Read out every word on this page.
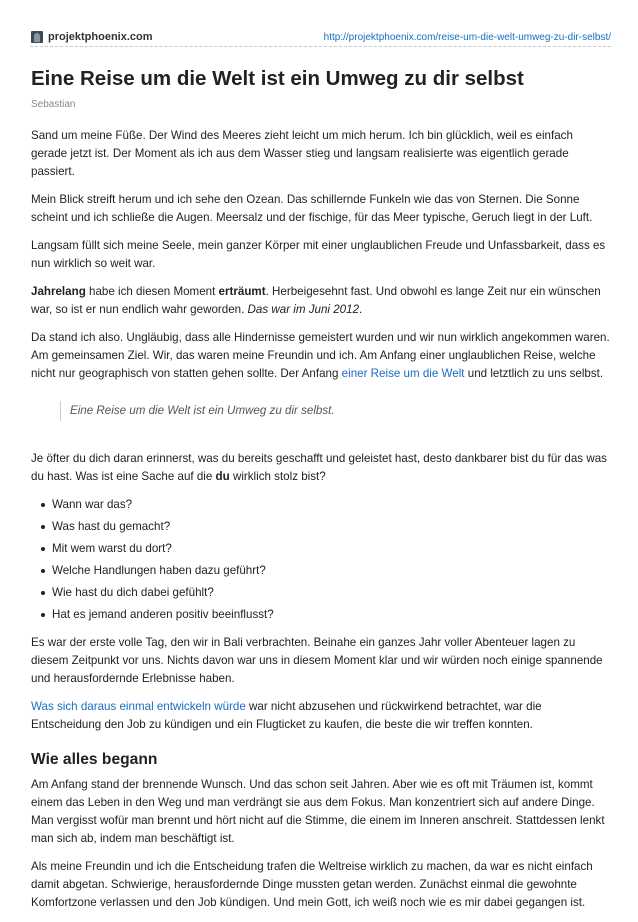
projektphoenix.com	http://projektphoenix.com/reise-um-die-welt-umweg-zu-dir-selbst/
Eine Reise um die Welt ist ein Umweg zu dir selbst
Sebastian

Sand um meine Füße. Der Wind des Meeres zieht leicht um mich herum. Ich bin glücklich, weil es einfach gerade jetzt ist. Der Moment als ich aus dem Wasser stieg und langsam realisierte was eigentlich gerade passiert.

Mein Blick streift herum und ich sehe den Ozean. Das schillernde Funkeln wie das von Sternen. Die Sonne scheint und ich schließe die Augen. Meersalz und der fischige, für das Meer typische, Geruch liegt in der Luft.

Langsam füllt sich meine Seele, mein ganzer Körper mit einer unglaublichen Freude und Unfassbarkeit, dass es nun wirklich so weit war.

Jahrelang habe ich diesen Moment erträumt. Herbeigesehnt fast. Und obwohl es lange Zeit nur ein wünschen war, so ist er nun endlich wahr geworden. Das war im Juni 2012.

Da stand ich also. Ungläubig, dass alle Hindernisse gemeistert wurden und wir nun wirklich angekommen waren. Am gemeinsamen Ziel. Wir, das waren meine Freundin und ich. Am Anfang einer unglaublichen Reise, welche nicht nur geographisch von statten gehen sollte. Der Anfang einer Reise um die Welt und letztlich zu uns selbst.

Eine Reise um die Welt ist ein Umweg zu dir selbst.

Je öfter du dich daran erinnerst, was du bereits geschafft und geleistet hast, desto dankbarer bist du für das was du hast. Was ist eine Sache auf die du wirklich stolz bist?

Wann war das?
Was hast du gemacht?
Mit wem warst du dort?
Welche Handlungen haben dazu geführt?
Wie hast du dich dabei gefühlt?
Hat es jemand anderen positiv beeinflusst?

Es war der erste volle Tag, den wir in Bali verbrachten. Beinahe ein ganzes Jahr voller Abenteuer lagen zu diesem Zeitpunkt vor uns. Nichts davon war uns in diesem Moment klar und wir würden noch einige spannende und herausfordernde Erlebnisse haben.

Was sich daraus einmal entwickeln würde war nicht abzusehen und rückwirkend betrachtet, war die Entscheidung den Job zu kündigen und ein Flugticket zu kaufen, die beste die wir treffen konnten.

Wie alles begann

Am Anfang stand der brennende Wunsch. Und das schon seit Jahren. Aber wie es oft mit Träumen ist, kommt einem das Leben in den Weg und man verdrängt sie aus dem Fokus. Man konzentriert sich auf andere Dinge. Man vergisst wofür man brennt und hört nicht auf die Stimme, die einem im Inneren anschreit. Stattdessen lenkt man sich ab, indem man beschäftigt ist.

Als meine Freundin und ich die Entscheidung trafen die Weltreise wirklich zu machen, da war es nicht einfach damit abgetan. Schwierige, herausfordernde Dinge mussten getan werden. Zunächst einmal die gewohnte Komfortzone verlassen und den Job kündigen. Und mein Gott, ich weiß noch wie es mir dabei gegangen ist.
